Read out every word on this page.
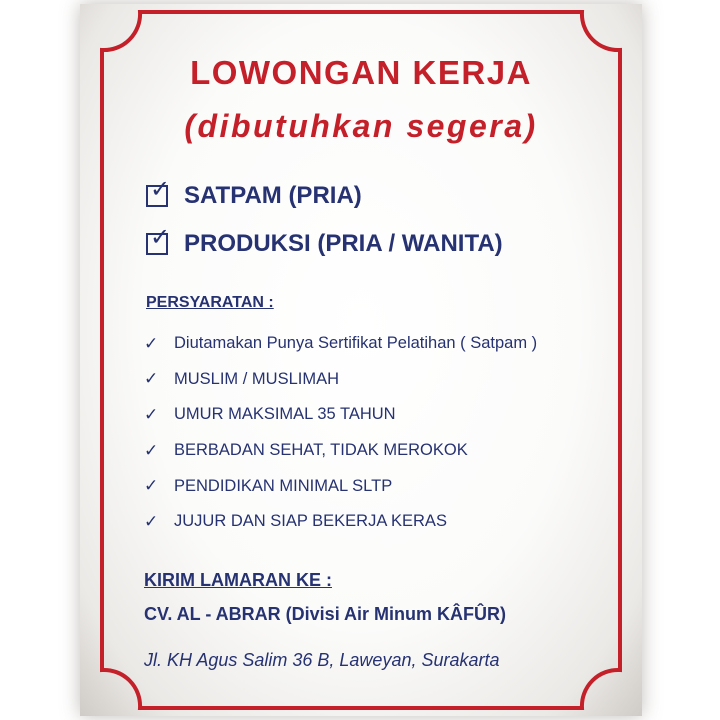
LOWONGAN KERJA
(dibutuhkan segera)
✓ SATPAM (PRIA)
✓ PRODUKSI (PRIA / WANITA)
PERSYARATAN :
✓ Diutamakan Punya Sertifikat Pelatihan ( Satpam )
✓ MUSLIM / MUSLIMAH
✓ UMUR MAKSIMAL 35 TAHUN
✓ BERBADAN SEHAT, TIDAK MEROKOK
✓ PENDIDIKAN MINIMAL SLTP
✓ JUJUR DAN SIAP BEKERJA KERAS
KIRIM LAMARAN KE :
CV. AL - ABRAR (Divisi Air Minum KÂFÛR)
Jl. KH Agus Salim 36 B, Laweyan, Surakarta
